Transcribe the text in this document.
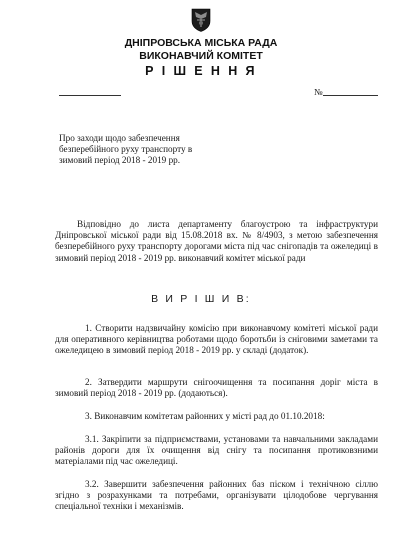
ДНІПРОВСЬКА МІСЬКА РАДА
ВИКОНАВЧИЙ КОМІТЕТ
Р І Ш Е Н Н Я
№
Про заходи щодо забезпечення безперебійного руху транспорту в зимовий період 2018 - 2019 рр.
Відповідно до листа департаменту благоустрою та інфраструктури Дніпровської міської ради від 15.08.2018 вх. № 8/4903, з метою забезпечення безперебійного руху транспорту дорогами міста під час снігопадів та ожеледиці в зимовий період 2018 - 2019 рр. виконавчий комітет міської ради
В И Р І Ш И В:
1. Створити надзвичайну комісію при виконавчому комітеті міської ради для оперативного керівництва роботами щодо боротьби із сніговими заметами та ожеледицею в зимовий період 2018 - 2019 рр. у складі (додаток).
2. Затвердити маршрути снігоочищення та посипання доріг міста в зимовий період 2018 - 2019 рр. (додаються).
3. Виконавчим комітетам районних у місті рад до 01.10.2018:
3.1. Закріпити за підприємствами, установами та навчальними закладами районів дороги для їх очищення від снігу та посипання протиковзними матеріалами під час ожеледиці.
3.2. Завершити забезпечення районних баз піском і технічною сіллю згідно з розрахунками та потребами, організувати цілодобове чергування спеціальної техніки і механізмів.
